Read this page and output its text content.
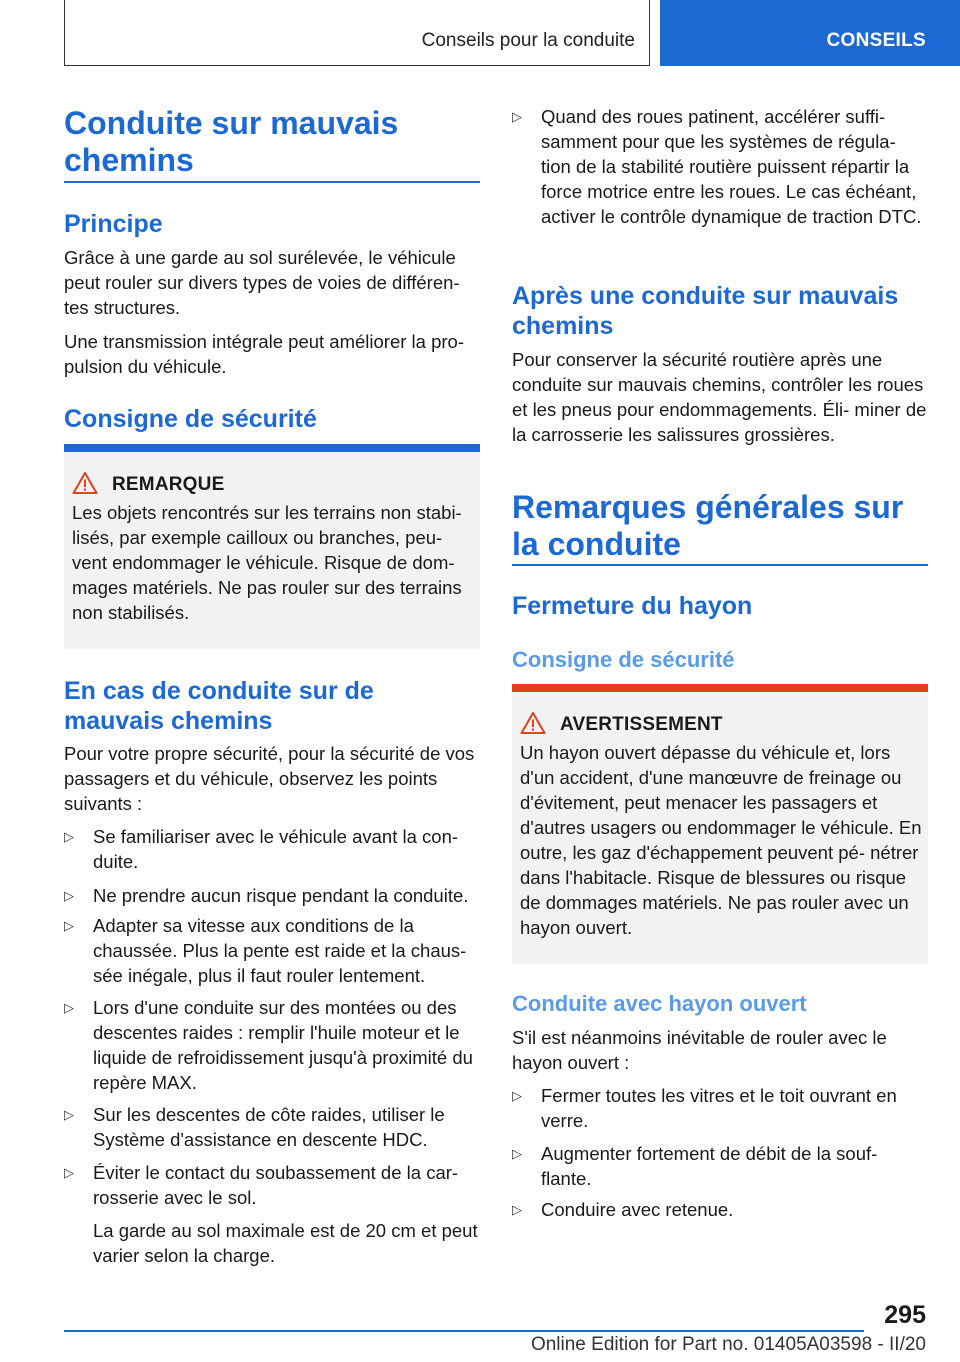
Conseils pour la conduite	CONSEILS
Conduite sur mauvais chemins
Principe
Grâce à une garde au sol surélevée, le véhicule peut rouler sur divers types de voies de différen- tes structures.
Une transmission intégrale peut améliorer la pro- pulsion du véhicule.
Consigne de sécurité
REMARQUE
Les objets rencontrés sur les terrains non stabi- lisés, par exemple cailloux ou branches, peu- vent endommager le véhicule. Risque de dom- mages matériels. Ne pas rouler sur des terrains non stabilisés.
En cas de conduite sur de mauvais chemins
Pour votre propre sécurité, pour la sécurité de vos passagers et du véhicule, observez les points suivants :
▷	Se familiariser avec le véhicule avant la con- duite.
▷	Ne prendre aucun risque pendant la conduite.
▷	Adapter sa vitesse aux conditions de la chaussée. Plus la pente est raide et la chaus- sée inégale, plus il faut rouler lentement.
▷	Lors d'une conduite sur des montées ou des descentes raides : remplir l'huile moteur et le liquide de refroidissement jusqu'à proximité du repère MAX.
▷	Sur les descentes de côte raides, utiliser le Système d'assistance en descente HDC.
▷	Éviter le contact du soubassement de la car- rosserie avec le sol.
La garde au sol maximale est de 20 cm et peut varier selon la charge.
▷	Quand des roues patinent, accélérer suffi- samment pour que les systèmes de régula- tion de la stabilité routière puissent répartir la force motrice entre les roues. Le cas échéant, activer le contrôle dynamique de traction DTC.
Après une conduite sur mauvais chemins
Pour conserver la sécurité routière après une conduite sur mauvais chemins, contrôler les roues et les pneus pour endommagements. Éli- miner de la carrosserie les salissures grossières.
Remarques générales sur la conduite
Fermeture du hayon
Consigne de sécurité
AVERTISSEMENT
Un hayon ouvert dépasse du véhicule et, lors d'un accident, d'une manœuvre de freinage ou d'évitement, peut menacer les passagers et d'autres usagers ou endommager le véhicule. En outre, les gaz d'échappement peuvent pé- nétrer dans l'habitacle. Risque de blessures ou risque de dommages matériels. Ne pas rouler avec un hayon ouvert.
Conduite avec hayon ouvert
S'il est néanmoins inévitable de rouler avec le hayon ouvert :
▷	Fermer toutes les vitres et le toit ouvrant en verre.
▷	Augmenter fortement de débit de la souf- flante.
▷	Conduire avec retenue.
295
Online Edition for Part no. 01405A03598 - II/20
